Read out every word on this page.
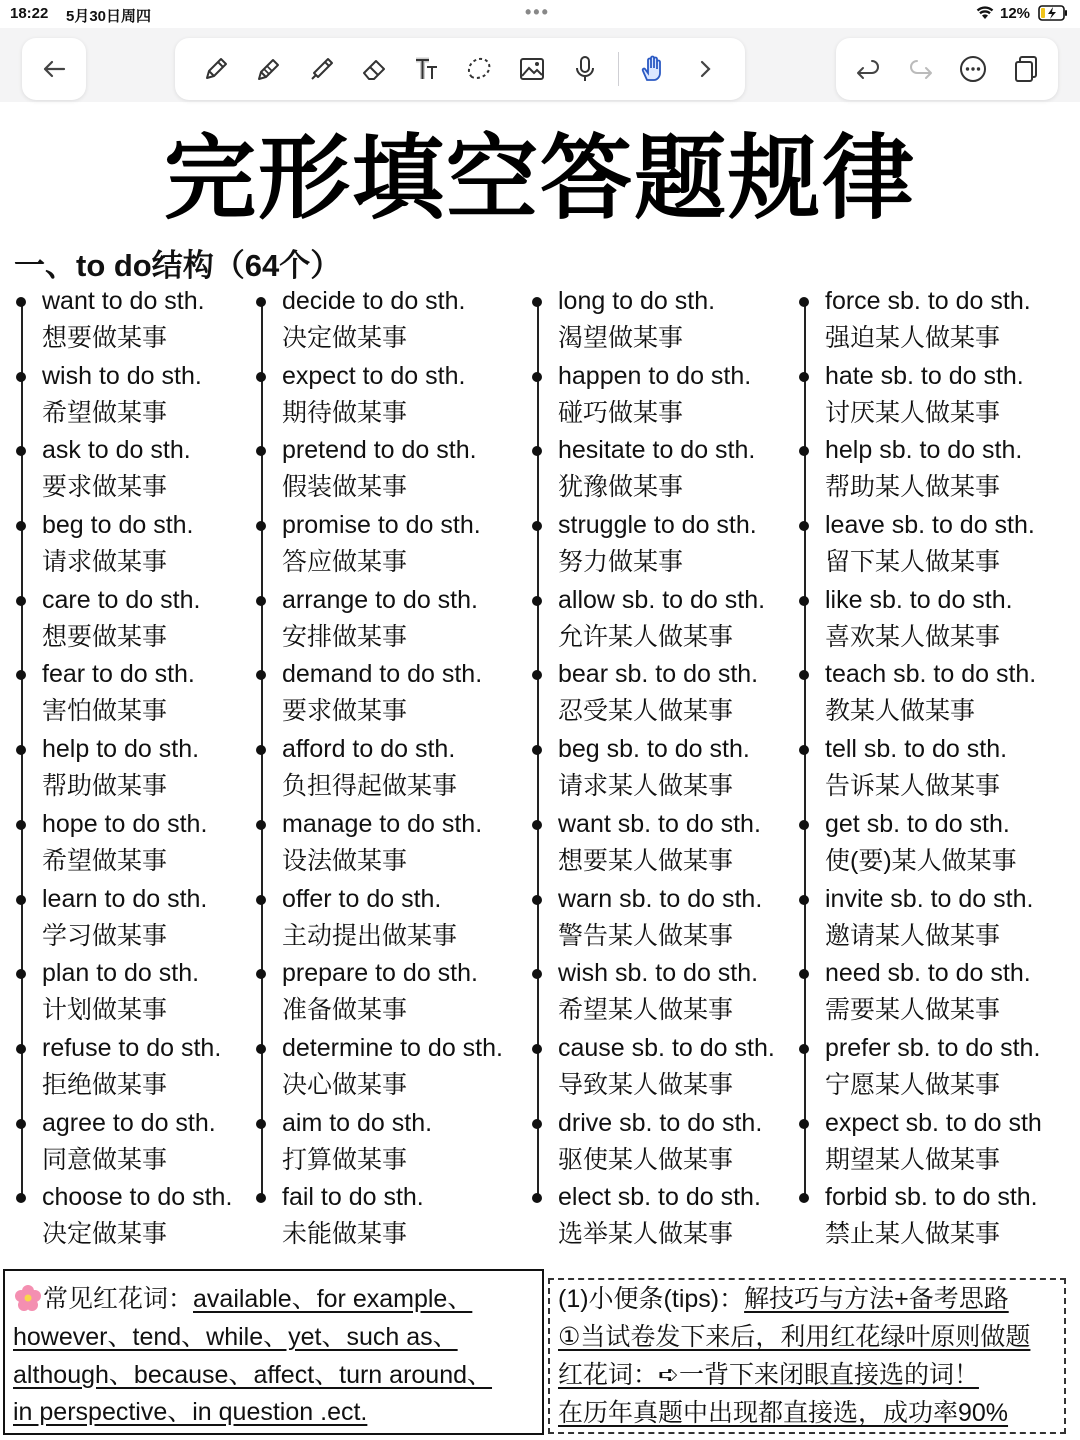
18:22 5月30日周四	•••	12%
完形填空答题规律
一、to do结构（64个）
want to do sth.
想要做某事
wish to do sth.
希望做某事
ask to do sth.
要求做某事
beg to do sth.
请求做某事
care to do sth.
想要做某事
fear to do sth.
害怕做某事
help to do sth.
帮助做某事
hope to do sth.
希望做某事
learn to do sth.
学习做某事
plan to do sth.
计划做某事
refuse to do sth.
拒绝做某事
agree to do sth.
同意做某事
choose to do sth.
决定做某事
decide to do sth.
决定做某事
expect to do sth.
期待做某事
pretend to do sth.
假装做某事
promise to do sth.
答应做某事
arrange to do sth.
安排做某事
demand to do sth.
要求做某事
afford to do sth.
负担得起做某事
manage to do sth.
设法做某事
offer to do sth.
主动提出做某事
prepare to do sth.
准备做某事
determine to do sth.
决心做某事
aim to do sth.
打算做某事
fail to do sth.
未能做某事
long to do sth.
渴望做某事
happen to do sth.
碰巧做某事
hesitate to do sth.
犹豫做某事
struggle to do sth.
努力做某事
allow sb. to do sth.
允许某人做某事
bear sb. to do sth.
忍受某人做某事
beg sb. to do sth.
请求某人做某事
want sb. to do sth.
想要某人做某事
warn sb. to do sth.
警告某人做某事
wish sb. to do sth.
希望某人做某事
cause sb. to do sth.
导致某人做某事
drive sb. to do sth.
驱使某人做某事
elect sb. to do sth.
选举某人做某事
force sb. to do sth.
强迫某人做某事
hate sb. to do sth.
讨厌某人做某事
help sb. to do sth.
帮助某人做某事
leave sb. to do sth.
留下某人做某事
like sb. to do sth.
喜欢某人做某事
teach sb. to do sth.
教某人做某事
tell sb. to do sth.
告诉某人做某事
get sb. to do sth.
使(要)某人做某事
invite sb. to do sth.
邀请某人做某事
need sb. to do sth.
需要某人做某事
prefer sb. to do sth.
宁愿某人做某事
expect sb. to do sth
期望某人做某事
forbid sb. to do sth.
禁止某人做某事
常见红花词：available、for example、
however、tend、while、yet、such as、
although、because、affect、turn around、
in perspective、in question .ect.
(1)小便条(tips)：解技巧与方法+备考思路
①当试卷发下来后，利用红花绿叶原则做题
红花词：➪一背下来闭眼直接选的词！
在历年真题中出现都直接选，成功率90%
